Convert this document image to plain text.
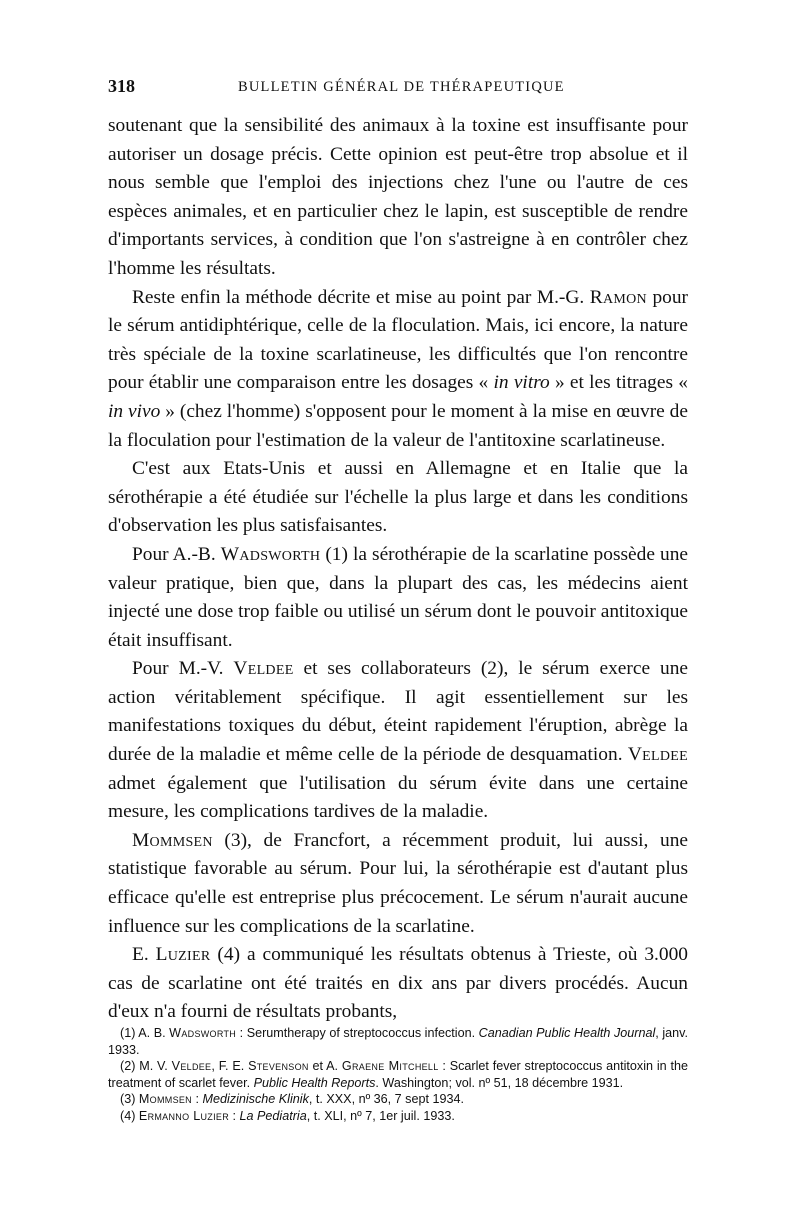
318	BULLETIN GÉNÉRAL DE THÉRAPEUTIQUE

soutenant que la sensibilité des animaux à la toxine est insuffisante pour autoriser un dosage précis. Cette opinion est peut-être trop absolue et il nous semble que l'emploi des injections chez l'une ou l'autre de ces espèces animales, et en particulier chez le lapin, est susceptible de rendre d'importants services, à condition que l'on s'astreigne à en contrôler chez l'homme les résultats.

Reste enfin la méthode décrite et mise au point par M.-G. Ramon pour le sérum antidiphtérique, celle de la floculation. Mais, ici encore, la nature très spéciale de la toxine scarlatineuse, les difficultés que l'on rencontre pour établir une comparaison entre les dosages « in vitro » et les titrages « in vivo » (chez l'homme) s'opposent pour le moment à la mise en œuvre de la floculation pour l'estimation de la valeur de l'antitoxine scarlatineuse.

C'est aux Etats-Unis et aussi en Allemagne et en Italie que la sérothérapie a été étudiée sur l'échelle la plus large et dans les conditions d'observation les plus satisfaisantes.

Pour A.-B. Wadsworth (1) la sérothérapie de la scarlatine possède une valeur pratique, bien que, dans la plupart des cas, les médecins aient injecté une dose trop faible ou utilisé un sérum dont le pouvoir antitoxique était insuffisant.

Pour M.-V. Veldee et ses collaborateurs (2), le sérum exerce une action véritablement spécifique. Il agit essentiellement sur les manifestations toxiques du début, éteint rapidement l'éruption, abrège la durée de la maladie et même celle de la période de desquamation. Veldee admet également que l'utilisation du sérum évite dans une certaine mesure, les complications tardives de la maladie.

Mommsen (3), de Francfort, a récemment produit, lui aussi, une statistique favorable au sérum. Pour lui, la sérothérapie est d'autant plus efficace qu'elle est entreprise plus précocement. Le sérum n'aurait aucune influence sur les complications de la scarlatine.

E. Luzier (4) a communiqué les résultats obtenus à Trieste, où 3.000 cas de scarlatine ont été traités en dix ans par divers procédés. Aucun d'eux n'a fourni de résultats probants,

(1) A. B. Wadsworth : Serumtherapy of streptococcus infection. Canadian Public Health Journal, janv. 1933.

(2) M. V. Veldee, F. E. Stevenson et A. Graene Mitchell : Scarlet fever streptococcus antitoxin in the treatment of scarlet fever. Public Health Reports. Washington; vol. nº 51, 18 décembre 1931.

(3) Mommsen : Medizinische Klinik, t. XXX, nº 36, 7 sept 1934.

(4) Ermanno Luzier : La Pediatria, t. XLI, nº 7, 1er juil. 1933.
